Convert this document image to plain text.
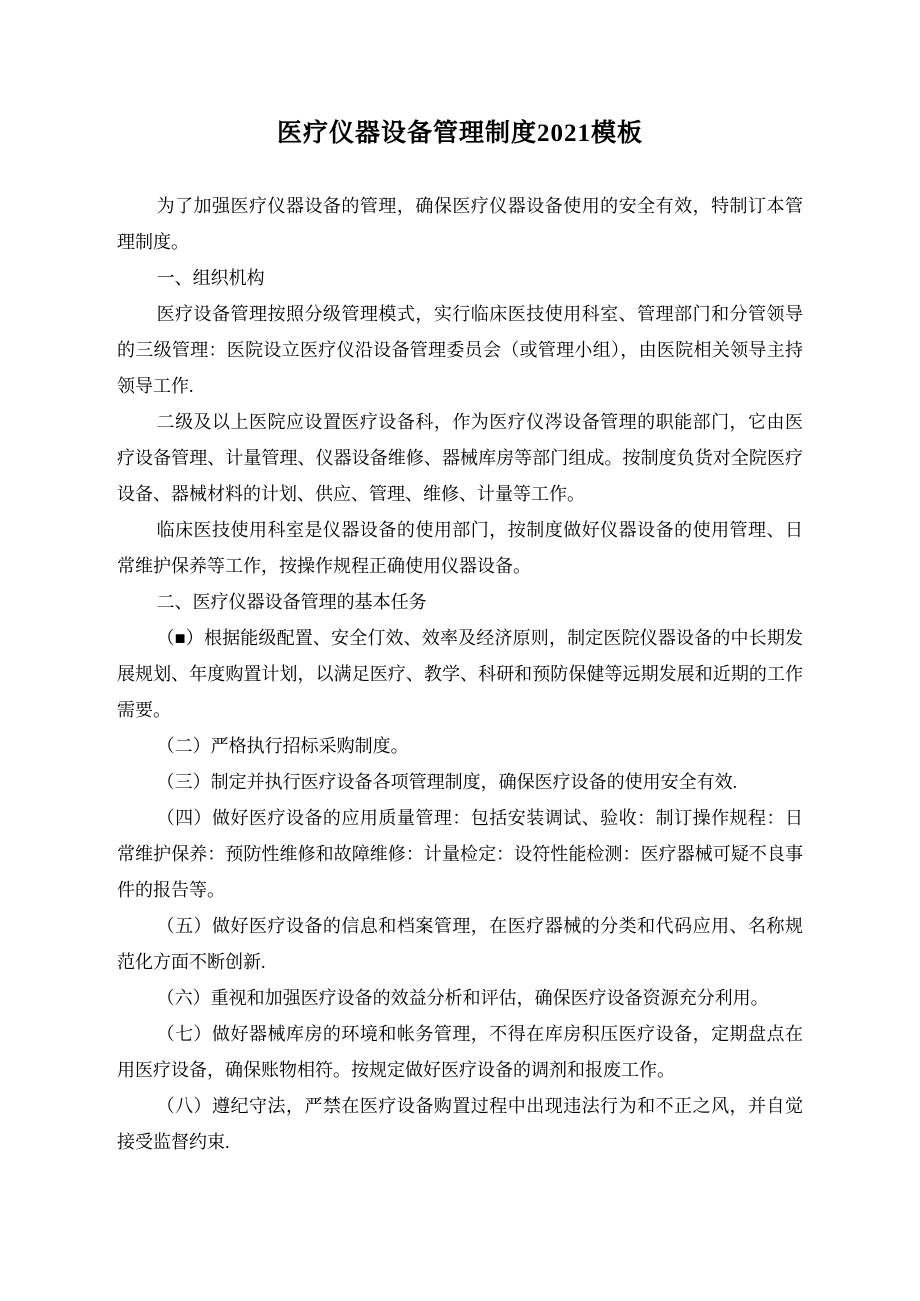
医疗仪器设备管理制度2021模板

为了加强医疗仪器设备的管理，确保医疗仪器设备使用的安全有效，特制订本管理制度。

一、组织机构

医疗设备管理按照分级管理模式，实行临床医技使用科室、管理部门和分管领导的三级管理：医院设立医疗仪沿设备管理委员会（或管理小组），由医院相关领导主持领导工作.

二级及以上医院应设置医疗设备科，作为医疗仪涔设备管理的职能部门，它由医疗设备管理、计量管理、仪器设备维修、器械库房等部门组成。按制度负货对全院医疗设备、器械材料的计划、供应、管理、维修、计量等工作。

临床医技使用科室是仪器设备的使用部门，按制度做好仪器设备的使用管理、日常维护保养等工作，按操作规程正确使用仪器设备。

二、医疗仪器设备管理的基本任务

（■）根据能级配置、安全仃效、效率及经济原则，制定医院仪器设备的中长期发展规划、年度购置计划，以满足医疗、教学、科研和预防保健等远期发展和近期的工作需要。

（二）严格执行招标采购制度。

（三）制定并执行医疗设备各项管理制度，确保医疗设备的使用安全有效.

（四）做好医疗设备的应用质量管理：包括安装调试、验收：制订操作规程：日常维护保养：预防性维修和故障维修：计量检定：设符性能检测：医疗器械可疑不良事件的报告等。

（五）做好医疗设备的信息和档案管理，在医疗器械的分类和代码应用、名称规范化方面不断创新.

（六）重视和加强医疗设备的效益分析和评估，确保医疗设备资源充分利用。

（七）做好器械库房的环境和帐务管理，不得在库房积压医疗设备，定期盘点在用医疗设备，确保账物相符。按规定做好医疗设备的调剂和报废工作。

（八）遵纪守法，严禁在医疗设备购置过程中出现违法行为和不正之风，并自觉接受监督约束.
